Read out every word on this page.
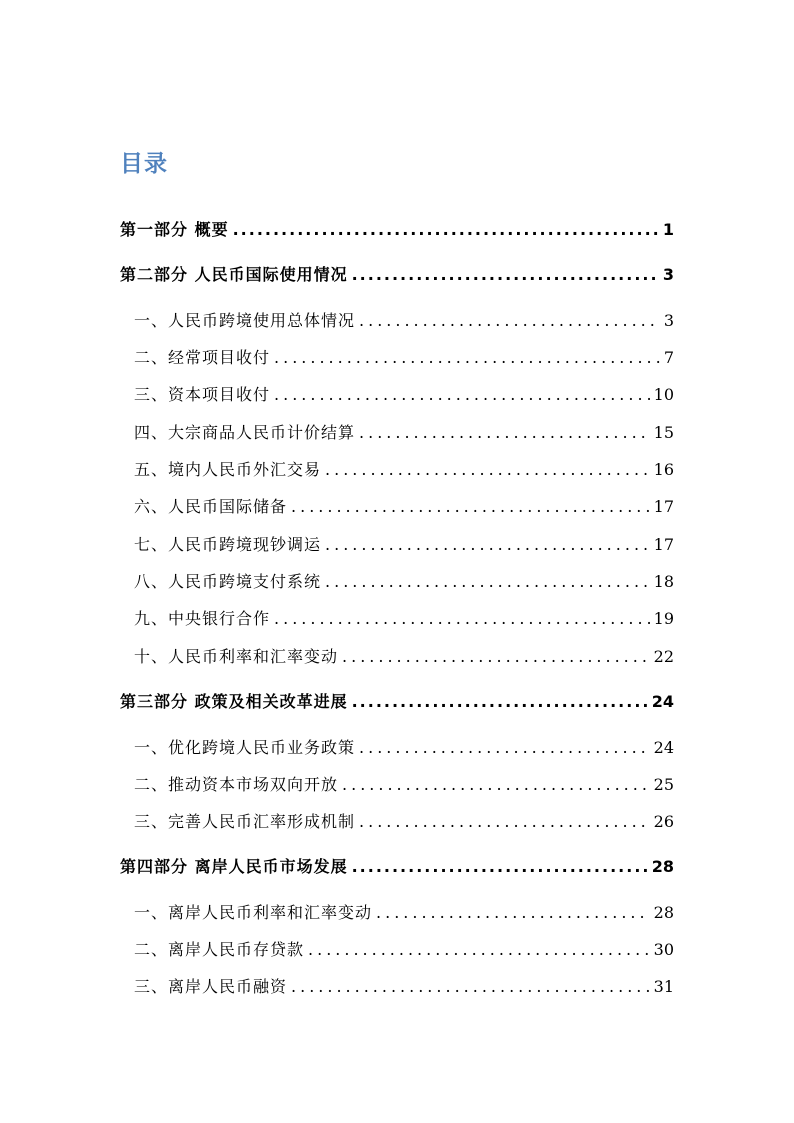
目录
第一部分 概要 .....	1
第二部分 人民币国际使用情况 .....	3
一、人民币跨境使用总体情况 .....	3
二、经常项目收付 .....	7
三、资本项目收付 .....	10
四、大宗商品人民币计价结算 .....	15
五、境内人民币外汇交易 .....	16
六、人民币国际储备 .....	17
七、人民币跨境现钞调运 .....	17
八、人民币跨境支付系统 .....	18
九、中央银行合作 .....	19
十、人民币利率和汇率变动 .....	22
第三部分 政策及相关改革进展 .....	24
一、优化跨境人民币业务政策 .....	24
二、推动资本市场双向开放 .....	25
三、完善人民币汇率形成机制 .....	26
第四部分 离岸人民币市场发展 .....	28
一、离岸人民币利率和汇率变动 .....	28
二、离岸人民币存贷款 .....	30
三、离岸人民币融资 .....	31
